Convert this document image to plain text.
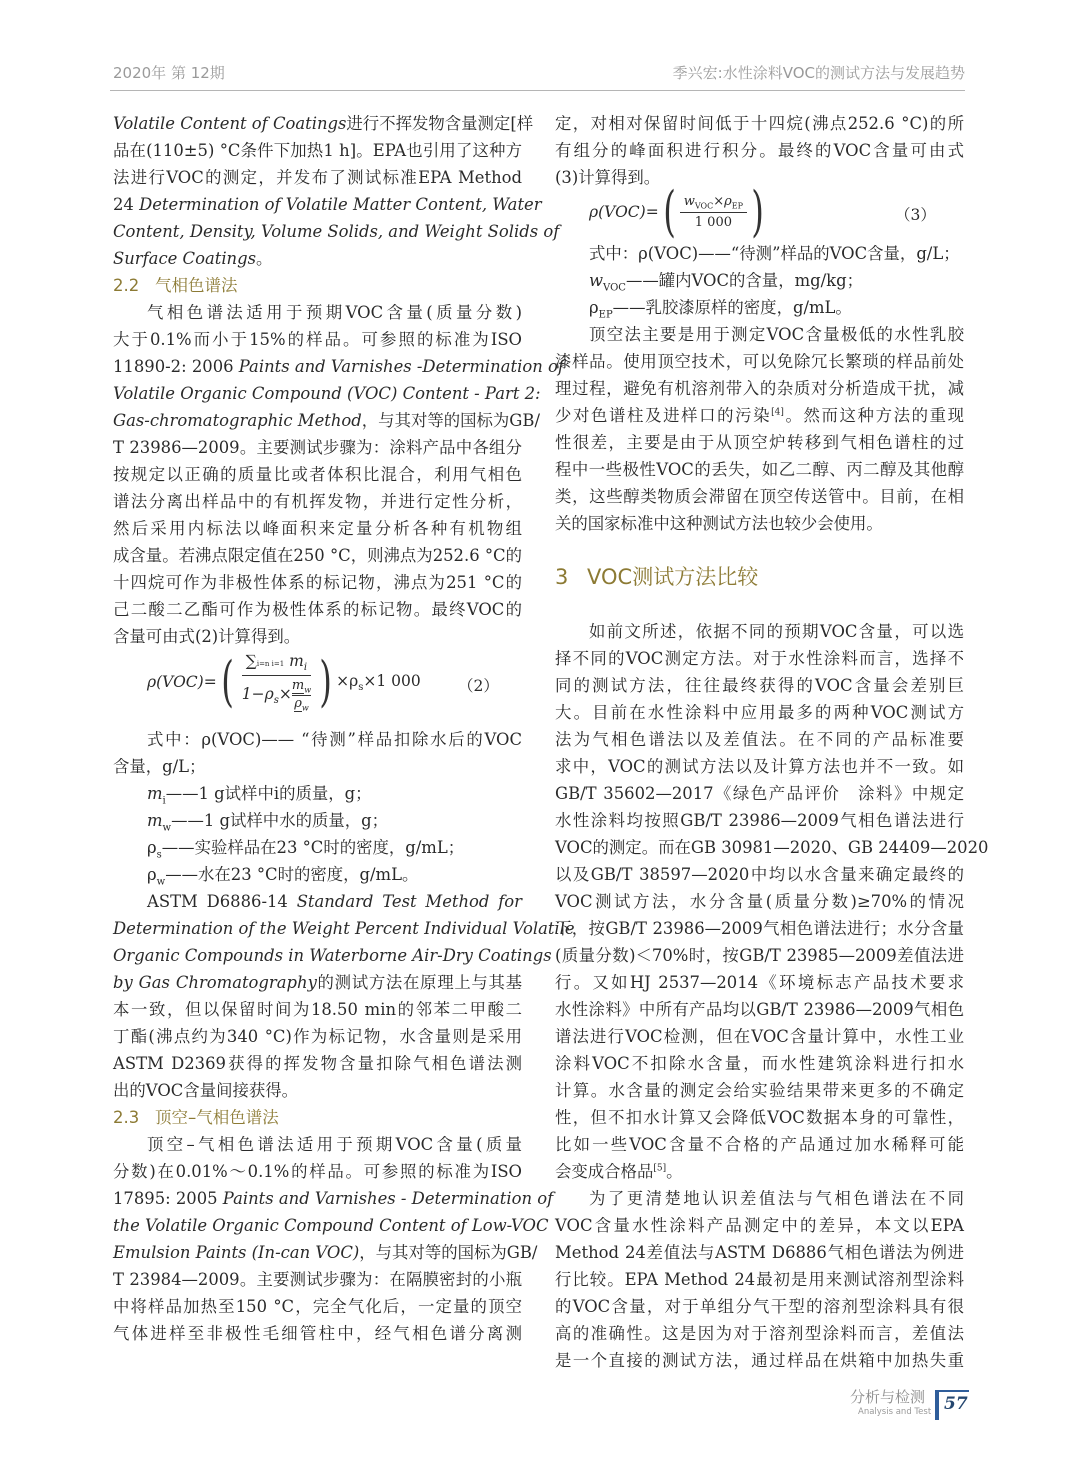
2020年 第 12期	季兴宏:水性涂料VOC的测试方法与发展趋势
Volatile Content of Coatings进行不挥发物含量测定[样
品在(110±5) °C条件下加热1 h]。EPA也引用了这种方
法进行VOC的测定，并发布了测试标准EPA Method
24 Determination of Volatile Matter Content, Water
Content, Density, Volume Solids, and Weight Solids of
Surface Coatings。
2.2 气相色谱法
气相色谱法适用于预期VOC含量(质量分数)
大于0.1%而小于15%的样品。可参照的标准为ISO
11890-2: 2006 Paints and Varnishes -Determination of
Volatile Organic Compound (VOC) Content - Part 2:
Gas-chromatographic Method，与其对等的国标为GB/
T 23986—2009。主要测试步骤为：涂料产品中各组分
按规定以正确的质量比或者体积比混合，利用气相色
谱法分离出样品中的有机挥发物，并进行定性分析，
然后采用内标法以峰面积来定量分析各种有机物组
成含量。若沸点限定值在250 °C，则沸点为252.6 °C的
十四烷可作为非极性体系的标记物，沸点为251 °C的
己二酸二乙酯可作为极性体系的标记物。最终VOC的
含量可由式(2)计算得到。
ρ(VOC)= ( $\frac{\sum i=n i=1 m_i}{1-\rho_s\times \frac{m_w}{\rho_w}}$ ) $\times\rho_s\times 1$ 000 （2）
式中：ρ(VOC)—— “待测”样品扣除水后的VOC
含量，g/L；
$m_i——1$ g试样中i的质量，g；
$m_w——1$ g试样中水的质量，g；
$\rho_s——$实验样品在23 °C时的密度，g/mL；
$\rho_w——$水在23 °C时的密度，g/mL。
ASTM D6886-14 Standard Test Method for
Determination of the Weight Percent Individual Volatile
Organic Compounds in Waterborne Air-Dry Coatings
by Gas Chromatography的测试方法在原理上与其基
本一致，但以保留时间为18.50 min的邻苯二甲酸二
丁酯(沸点约为340 °C)作为标记物，水含量则是采用
ASTM D2369获得的挥发物含量扣除气相色谱法测
出的VOC含量间接获得。
2.3 顶空–气相色谱法
顶空–气相色谱法适用于预期VOC含量(质量
分数)在0.01%～0.1%的样品。可参照的标准为ISO
17895: 2005 Paints and Varnishes - Determination of
the Volatile Organic Compound Content of Low-VOC
Emulsion Paints (In-can VOC)，与其对等的国标为GB/
T 23984—2009。主要测试步骤为：在隔膜密封的小瓶
中将样品加热至150 °C，完全气化后，一定量的顶空
气体进样至非极性毛细管柱中，经气相色谱分离测
定，对相对保留时间低于十四烷(沸点252.6 °C)的所
有组分的峰面积进行积分。最终的VOC含量可由式
(3)计算得到。
ρ(VOC)= ( $\frac{w_{VOC}\times\rho_{EP}}{1 000}$ )	（3）
式中：ρ(VOC)——“待测”样品的VOC含量，g/L；
$w_{VOC}——$罐内VOC的含量，mg/kg；
$\rho_{EP}——$乳胶漆原样的密度，g/mL。
顶空法主要是用于测定VOC含量极低的水性乳胶
漆样品。使用顶空技术，可以免除冗长繁琐的样品前处
理过程，避免有机溶剂带入的杂质对分析造成干扰，减
少对色谱柱及进样口的污染[4]。然而这种方法的重现
性很差，主要是由于从顶空炉转移到气相色谱柱的过
程中一些极性VOC的丢失，如乙二醇、丙二醇及其他醇
类，这些醇类物质会滞留在顶空传送管中。目前，在相
关的国家标准中这种测试方法也较少会使用。
3 VOC测试方法比较
如前文所述，依据不同的预期VOC含量，可以选
择不同的VOC测定方法。对于水性涂料而言，选择不
同的测试方法，往往最终获得的VOC含量会差别巨
大。目前在水性涂料中应用最多的两种VOC测试方
法为气相色谱法以及差值法。在不同的产品标准要
求中，VOC的测试方法以及计算方法也并不一致。如
GB/T 35602—2017《绿色产品评价　涂料》中规定
水性涂料均按照GB/T 23986—2009气相色谱法进行
VOC的测定。而在GB 30981—2020、GB 24409—2020
以及GB/T 38597—2020中均以水含量来确定最终的
VOC测试方法，水分含量(质量分数)≥70%的情况
下，按GB/T 23986—2009气相色谱法进行；水分含量
(质量分数)＜70%时，按GB/T 23985—2009差值法进
行。又如HJ 2537—2014《环境标志产品技术要求
水性涂料》中所有产品均以GB/T 23986—2009气相色
谱法进行VOC检测，但在VOC含量计算中，水性工业
涂料VOC不扣除水含量，而水性建筑涂料进行扣水
计算。水含量的测定会给实验结果带来更多的不确定
性，但不扣水计算又会降低VOC数据本身的可靠性，
比如一些VOC含量不合格的产品通过加水稀释可能
会变成合格品[5]。
为了更清楚地认识差值法与气相色谱法在不同
VOC含量水性涂料产品测定中的差异，本文以EPA
Method 24差值法与ASTM D6886气相色谱法为例进
行比较。EPA Method 24最初是用来测试溶剂型涂料
的VOC含量，对于单组分气干型的溶剂型涂料具有很
高的准确性。这是因为对于溶剂型涂料而言，差值法
是一个直接的测试方法，通过样品在烘箱中加热失重
分析与检测
Analysis and Test 57
